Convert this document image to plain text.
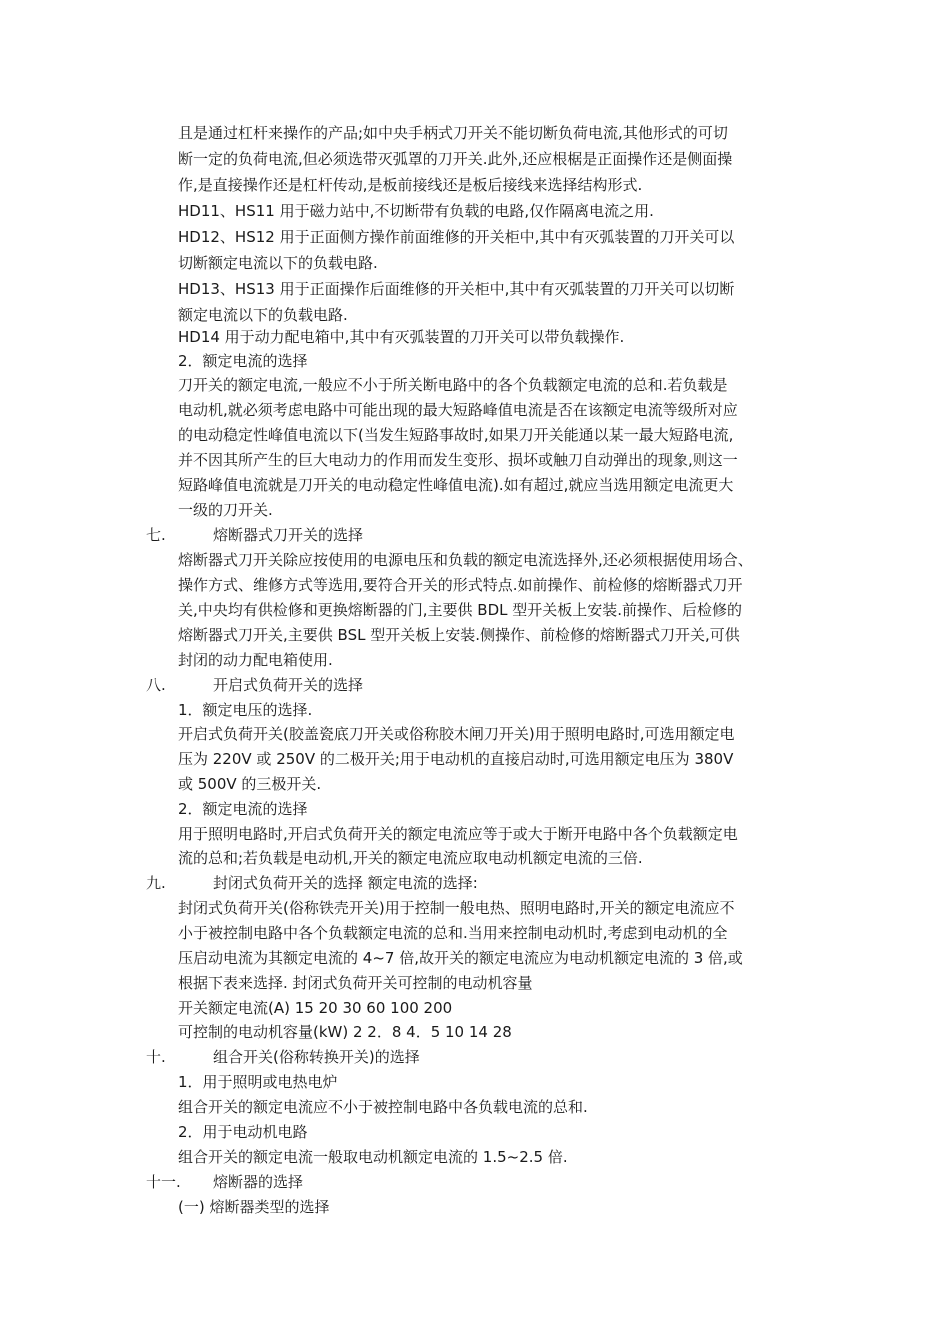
且是通过杠杆来操作的产品;如中央手柄式刀开关不能切断负荷电流,其他形式的可切
断一定的负荷电流,但必须选带灭弧罩的刀开关.此外,还应根椐是正面操作还是侧面操
作,是直接操作还是杠杆传动,是板前接线还是板后接线来选择结构形式.
HD11、HS11 用于磁力站中,不切断带有负载的电路,仅作隔离电流之用.
HD12、HS12 用于正面侧方操作前面维修的开关柜中,其中有灭弧装置的刀开关可以
切断额定电流以下的负载电路.
HD13、HS13 用于正面操作后面维修的开关柜中,其中有灭弧装置的刀开关可以切断
额定电流以下的负载电路.
HD14 用于动力配电箱中,其中有灭弧装置的刀开关可以带负载操作.
2．额定电流的选择
刀开关的额定电流,一般应不小于所关断电路中的各个负载额定电流的总和.若负载是
电动机,就必须考虑电路中可能出现的最大短路峰值电流是否在该额定电流等级所对应
的电动稳定性峰值电流以下(当发生短路事故时,如果刀开关能通以某一最大短路电流,
并不因其所产生的巨大电动力的作用而发生变形、损坏或触刀自动弹出的现象,则这一
短路峰值电流就是刀开关的电动稳定性峰值电流).如有超过,就应当选用额定电流更大
一级的刀开关.
七.	熔断器式刀开关的选择
熔断器式刀开关除应按使用的电源电压和负载的额定电流选择外,还必须根据使用场合、
操作方式、维修方式等选用,要符合开关的形式特点.如前操作、前检修的熔断器式刀开
关,中央均有供检修和更换熔断器的门,主要供 BDL 型开关板上安装.前操作、后检修的
熔断器式刀开关,主要供 BSL 型开关板上安装.侧操作、前检修的熔断器式刀开关,可供
封闭的动力配电箱使用.
八.	开启式负荷开关的选择
1．额定电压的选择.
开启式负荷开关(胶盖瓷底刀开关或俗称胶木闸刀开关)用于照明电路时,可选用额定电
压为 220V 或 250V 的二极开关;用于电动机的直接启动时,可选用额定电压为 380V
或 500V 的三极开关.
2．额定电流的选择
用于照明电路时,开启式负荷开关的额定电流应等于或大于断开电路中各个负载额定电
流的总和;若负载是电动机,开关的额定电流应取电动机额定电流的三倍.
九.	封闭式负荷开关的选择 额定电流的选择:
封闭式负荷开关(俗称铁壳开关)用于控制一般电热、照明电路时,开关的额定电流应不
小于被控制电路中各个负载额定电流的总和.当用来控制电动机时,考虑到电动机的全
压启动电流为其额定电流的 4~7 倍,故开关的额定电流应为电动机额定电流的 3 倍,或
根据下表来选择. 封闭式负荷开关可控制的电动机容量
开关额定电流(A) 15 20 30 60 100 200
可控制的电动机容量(kW) 2 2．8 4．5 10 14 28
十.	组合开关(俗称转换开关)的选择
1．用于照明或电热电炉
组合开关的额定电流应不小于被控制电路中各负载电流的总和.
2．用于电动机电路
组合开关的额定电流一般取电动机额定电流的 1.5~2.5 倍.
十一. 熔断器的选择
(一) 熔断器类型的选择
